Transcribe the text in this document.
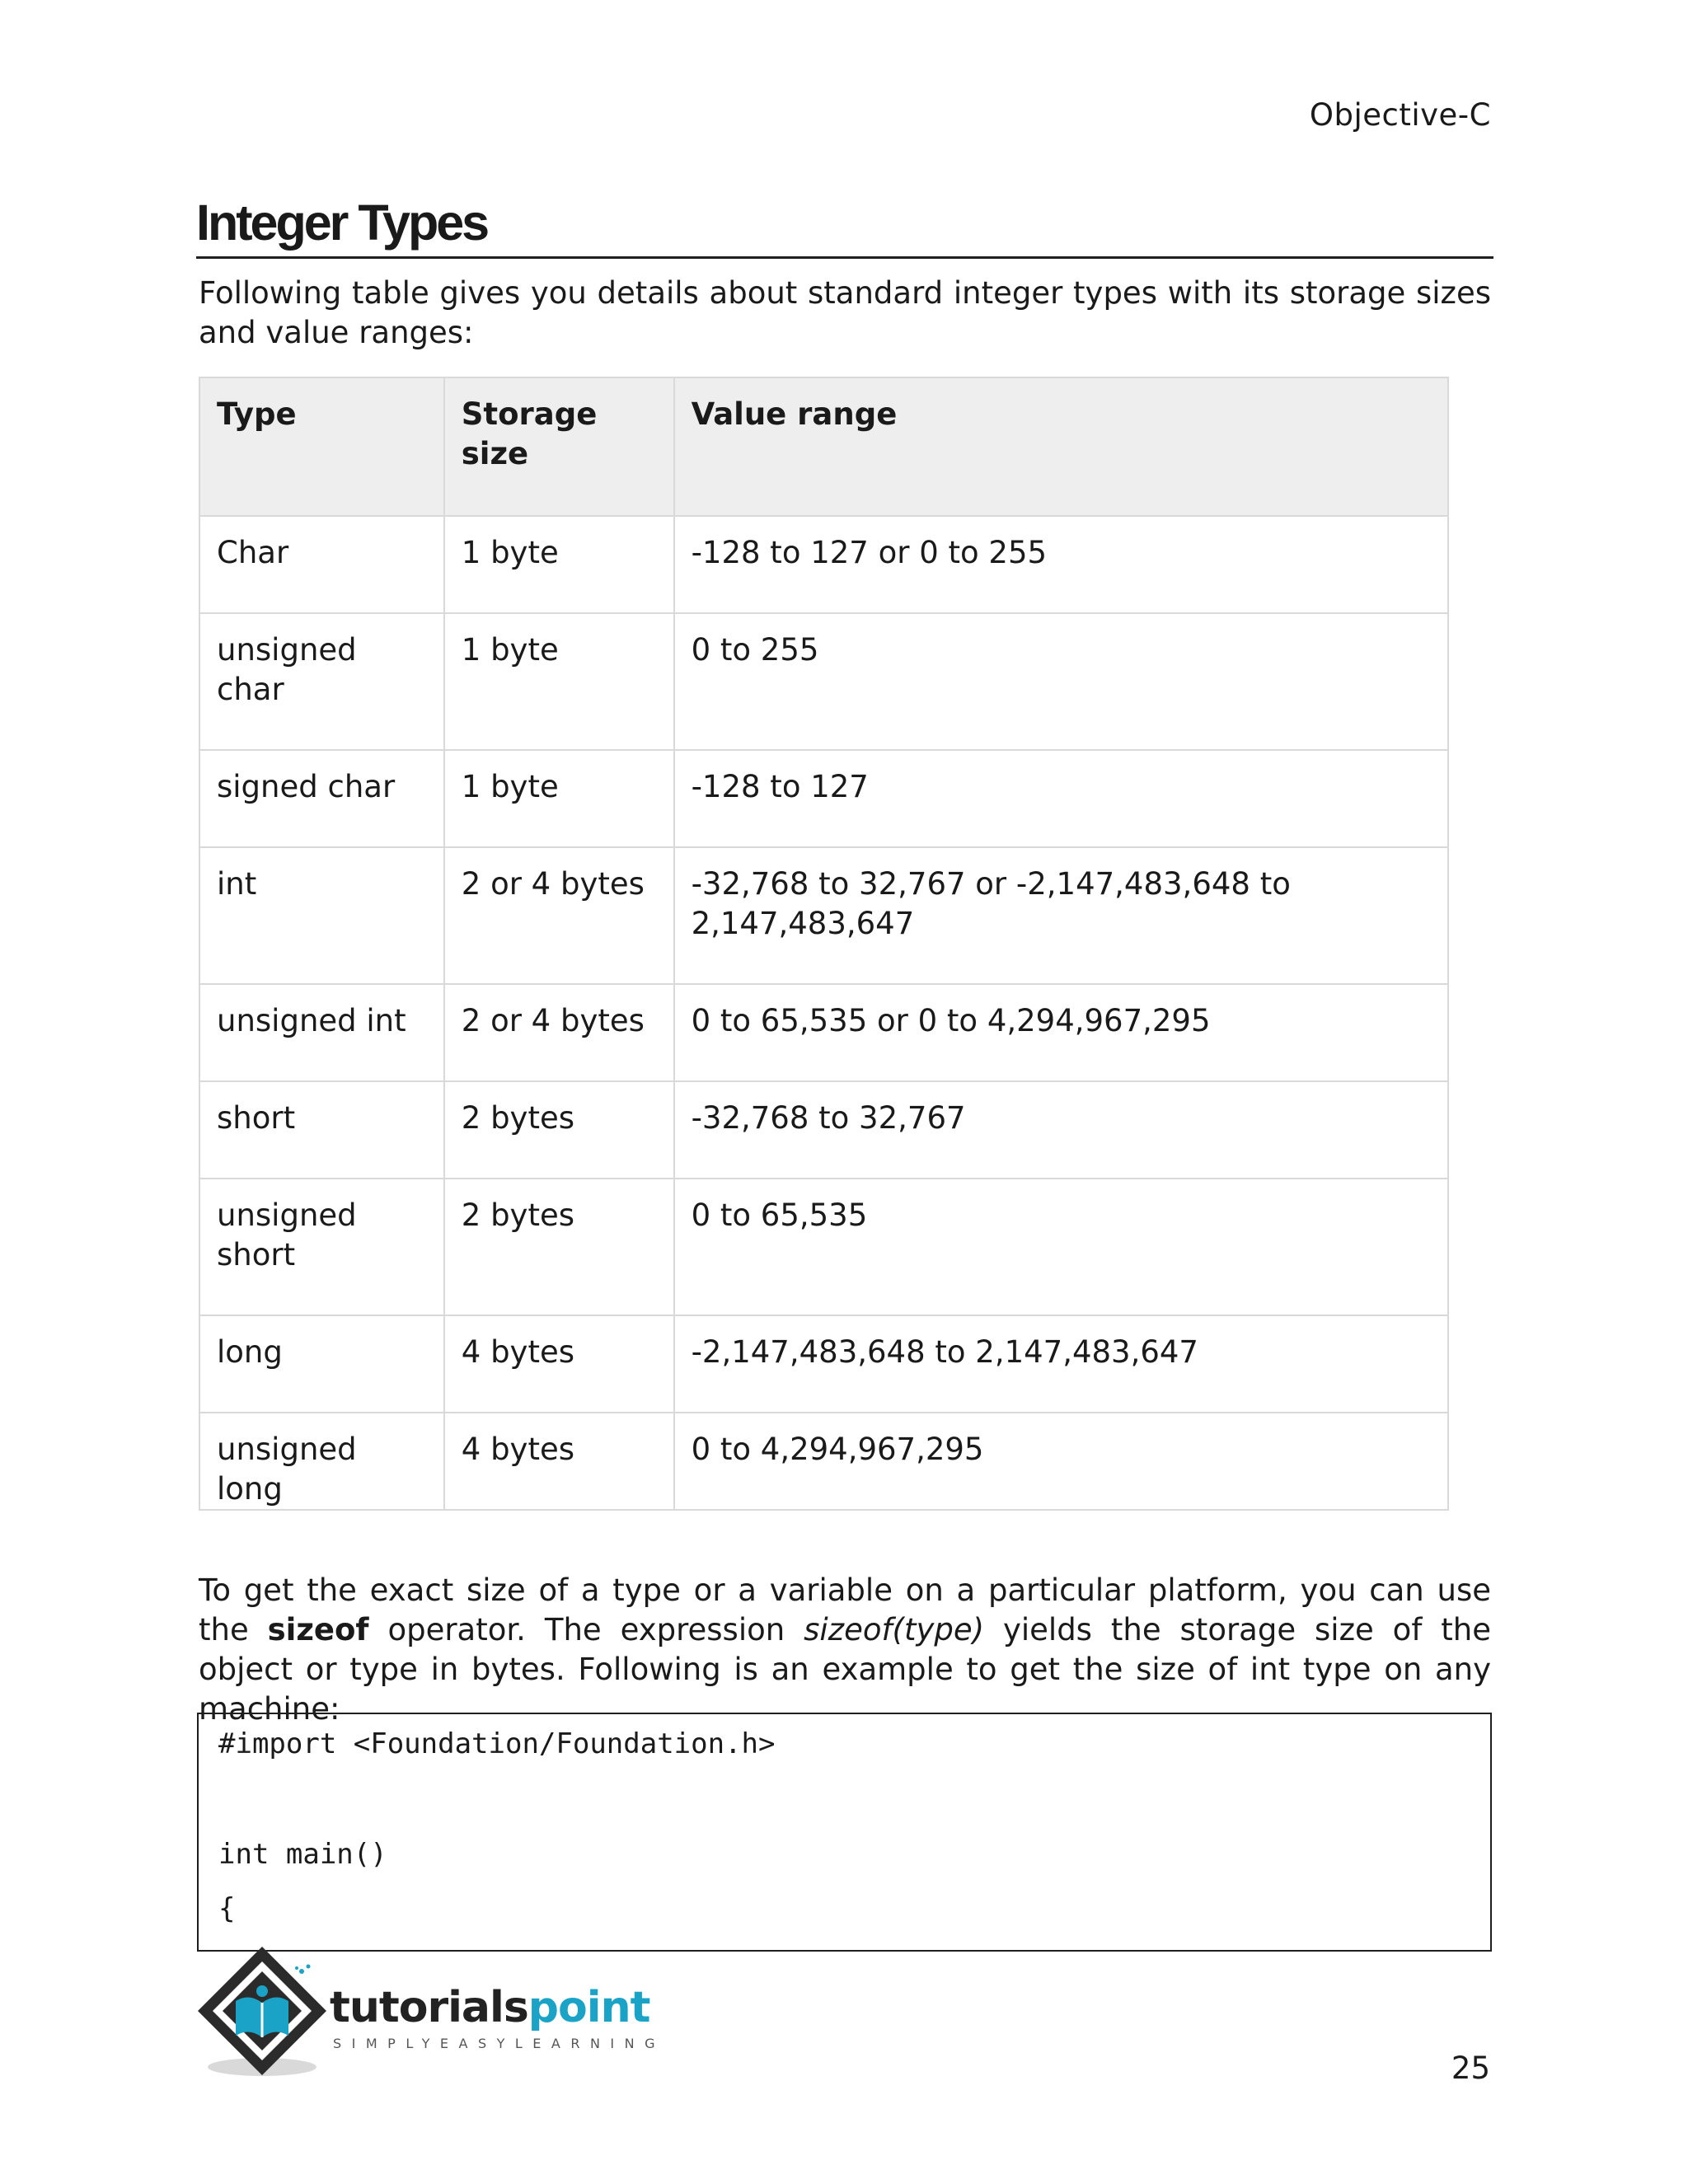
Objective-C
Integer Types

Following table gives you details about standard integer types with its storage sizes and value ranges:

Type	Storage size	Value range
Char	1 byte	-128 to 127 or 0 to 255
unsigned char	1 byte	0 to 255
signed char	1 byte	-128 to 127
int	2 or 4 bytes	-32,768 to 32,767 or -2,147,483,648 to 2,147,483,647
unsigned int	2 or 4 bytes	0 to 65,535 or 0 to 4,294,967,295
short	2 bytes	-32,768 to 32,767
unsigned short	2 bytes	0 to 65,535
long	4 bytes	-2,147,483,648 to 2,147,483,647
unsigned long	4 bytes	0 to 4,294,967,295

To get the exact size of a type or a variable on a particular platform, you can use the sizeof operator. The expression sizeof(type) yields the storage size of the object or type in bytes. Following is an example to get the size of int type on any machine:

#import <Foundation/Foundation.h>
int main()
{
tutorialspoint
SIMPLYEASYLEARNING
25
